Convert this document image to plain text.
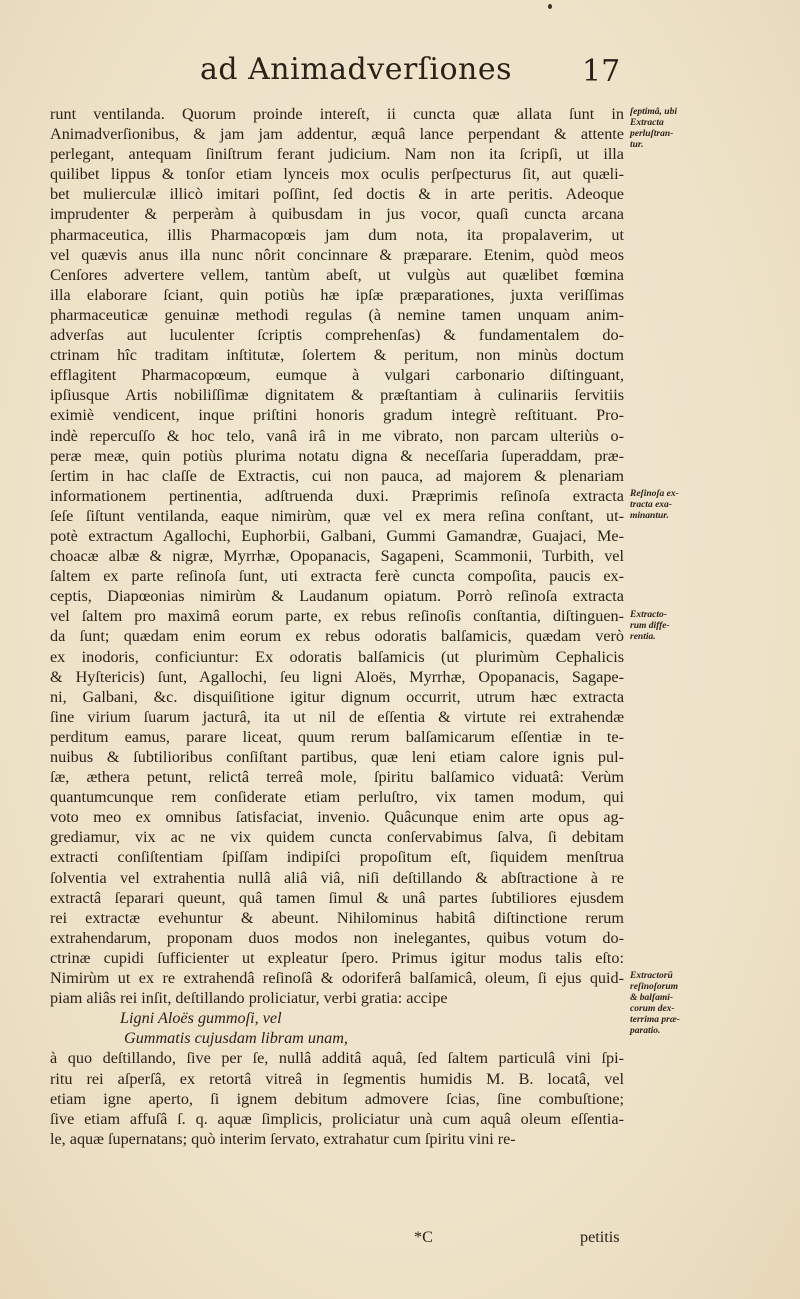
ad Animadverſiones 17
runt ventilanda. Quorum proinde intereſt, ii cuncta quæ allata ſunt in
Animadverſionibus, & jam jam addentur, æquâ lance perpendant & attente
perlegant, antequam ſiniſtrum ferant judicium. Nam non ita ſcripſi, ut illa
quilibet lippus & tonſor etiam lynceis mox oculis perſpecturus ſit, aut quæli-
bet mulierculæ illicò imitari poſſint, ſed doctis & in arte peritis. Adeoque
imprudenter & perperàm à quibusdam in jus vocor, quaſi cuncta arcana
pharmaceutica, illis Pharmacopœis jam dum nota, ita propalaverim, ut
vel quævis anus illa nunc nôrit concinnare & præparare. Etenim, quòd meos
Cenſores advertere vellem, tantùm abeſt, ut vulgùs aut quælibet fœmina
illa elaborare ſciant, quin potiùs hæ ipſæ præparationes, juxta veriſſimas
pharmaceuticæ genuinæ methodi regulas (à nemine tamen unquam anim-
adverſas aut luculenter ſcriptis comprehenſas) & fundamentalem do-
ctrinam hîc traditam inſtitutæ, ſolertem & peritum, non minùs doctum
efflagitent Pharmacopœum, eumque à vulgari carbonario diſtinguant,
ipſiusque Artis nobiliſſimæ dignitatem & præſtantiam à culinariis ſervitiis
eximiè vendicent, inque priſtini honoris gradum integrè reſtituant. Pro-
indè repercuſſo & hoc telo, vanâ irâ in me vibrato, non parcam ulteriùs o-
peræ meæ, quin potiùs plurima notatu digna & neceſſaria ſuperaddam, præ-
ſertim in hac claſſe de Extractis, cui non pauca, ad majorem & plenariam
informationem pertinentia, adſtruenda duxi. Præprimis reſinoſa extracta
ſeſe ſiſtunt ventilanda, eaque nimirùm, quæ vel ex mera reſina conſtant, ut-
potè extractum Agallochi, Euphorbii, Galbani, Gummi Gamandræ, Guajaci, Me-
choacæ albæ & nigræ, Myrrhæ, Opopanacis, Sagapeni, Scammonii, Turbith, vel
ſaltem ex parte reſinoſa ſunt, uti extracta ferè cuncta compoſita, paucis ex-
ceptis, Diapœonias nimirùm & Laudanum opiatum. Porrò reſinoſa extracta
vel ſaltem pro maximâ eorum parte, ex rebus reſinoſis conſtantia, diſtinguen-
da ſunt; quædam enim eorum ex rebus odoratis balſamicis, quædam verò
ex inodoris, conficiuntur: Ex odoratis balſamicis (ut plurimùm Cephalicis
& Hyſtericis) ſunt, Agallochi, ſeu ligni Aloës, Myrrhæ, Opopanacis, Sagape-
ni, Galbani, &c. disquiſitione igitur dignum occurrit, utrum hæc extracta
ſine virium ſuarum jacturâ, ita ut nil de eſſentia & virtute rei extrahendæ
perditum eamus, parare liceat, quum rerum balſamicarum eſſentiæ in te-
nuibus & ſubtilioribus conſiſtant partibus, quæ leni etiam calore ignis pul-
ſæ, æthera petunt, relictâ terreâ mole, ſpiritu balſamico viduatâ: Verùm
quantumcunque rem conſiderate etiam perluſtro, vix tamen modum, qui
voto meo ex omnibus ſatisfaciat, invenio. Quâcunque enim arte opus ag-
grediamur, vix ac ne vix quidem cuncta conſervabimus ſalva, ſi debitam
extracti conſiſtentiam ſpiſſam indipiſci propoſitum eſt, ſiquidem menſtrua
ſolventia vel extrahentia nullâ aliâ viâ, niſi deſtillando & abſtractione à re
extractâ ſeparari queunt, quâ tamen ſimul & unâ partes ſubtiliores ejusdem
rei extractæ evehuntur & abeunt. Nihilominus habitâ diſtinctione rerum
extrahendarum, proponam duos modos non inelegantes, quibus votum do-
ctrinæ cupidi ſufficienter ut expleatur ſpero. Primus igitur modus talis eſto:
Nimirùm ut ex re extrahendâ reſinoſâ & odoriferâ balſamicâ, oleum, ſi ejus quid-
piam aliâs rei inſit, deſtillando proliciatur, verbi gratia: accipe
Ligni Aloës gummoſi, vel
Gummatis cujusdam libram unam,
à quo deſtillando, ſive per ſe, nullâ additâ aquâ, ſed ſaltem particulâ vini ſpi-
ritu rei aſperſâ, ex retortâ vitreâ in ſegmentis humidis M. B. locatâ, vel
etiam igne aperto, ſi ignem debitum admovere ſcias, ſine combuſtione;
ſive etiam affuſâ ſ. q. aquæ ſimplicis, proliciatur unà cum aquâ oleum eſſentia-
le, aquæ ſupernatans; quò interim ſervato, extrahatur cum ſpiritu vini re-
ſeptimâ, ubi
Extracta
perluſtran-
tur.
Reſinoſa ex-
tracta exa-
minantur.
Extracto-
rum diffe-
rentia.
Extractorū
reſinoſorum
& balſami-
corum dex-
terrima præ-
paratio.
*C	petitis
